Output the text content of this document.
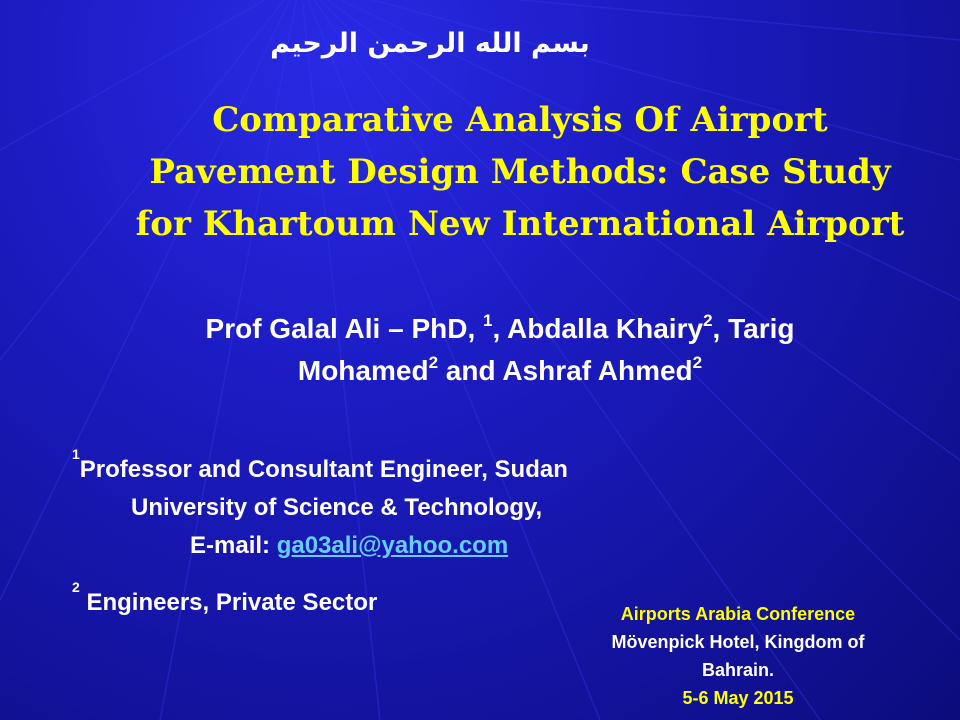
بسم الله الرحمن الرحيم
Comparative Analysis Of Airport
Pavement Design Methods: Case Study
for Khartoum New International Airport
Prof Galal Ali – PhD, $^1$, Abdalla Khairy$^2$, Tarig
Mohamed$^2$ and Ashraf Ahmed$^2$
$^1$Professor and Consultant Engineer, Sudan
University of Science & Technology,
E-mail: ga03ali@yahoo.com
$^2$ Engineers, Private Sector	Airports Arabia Conference
Mövenpick Hotel, Kingdom of
Bahrain.
5-6 May 2015
